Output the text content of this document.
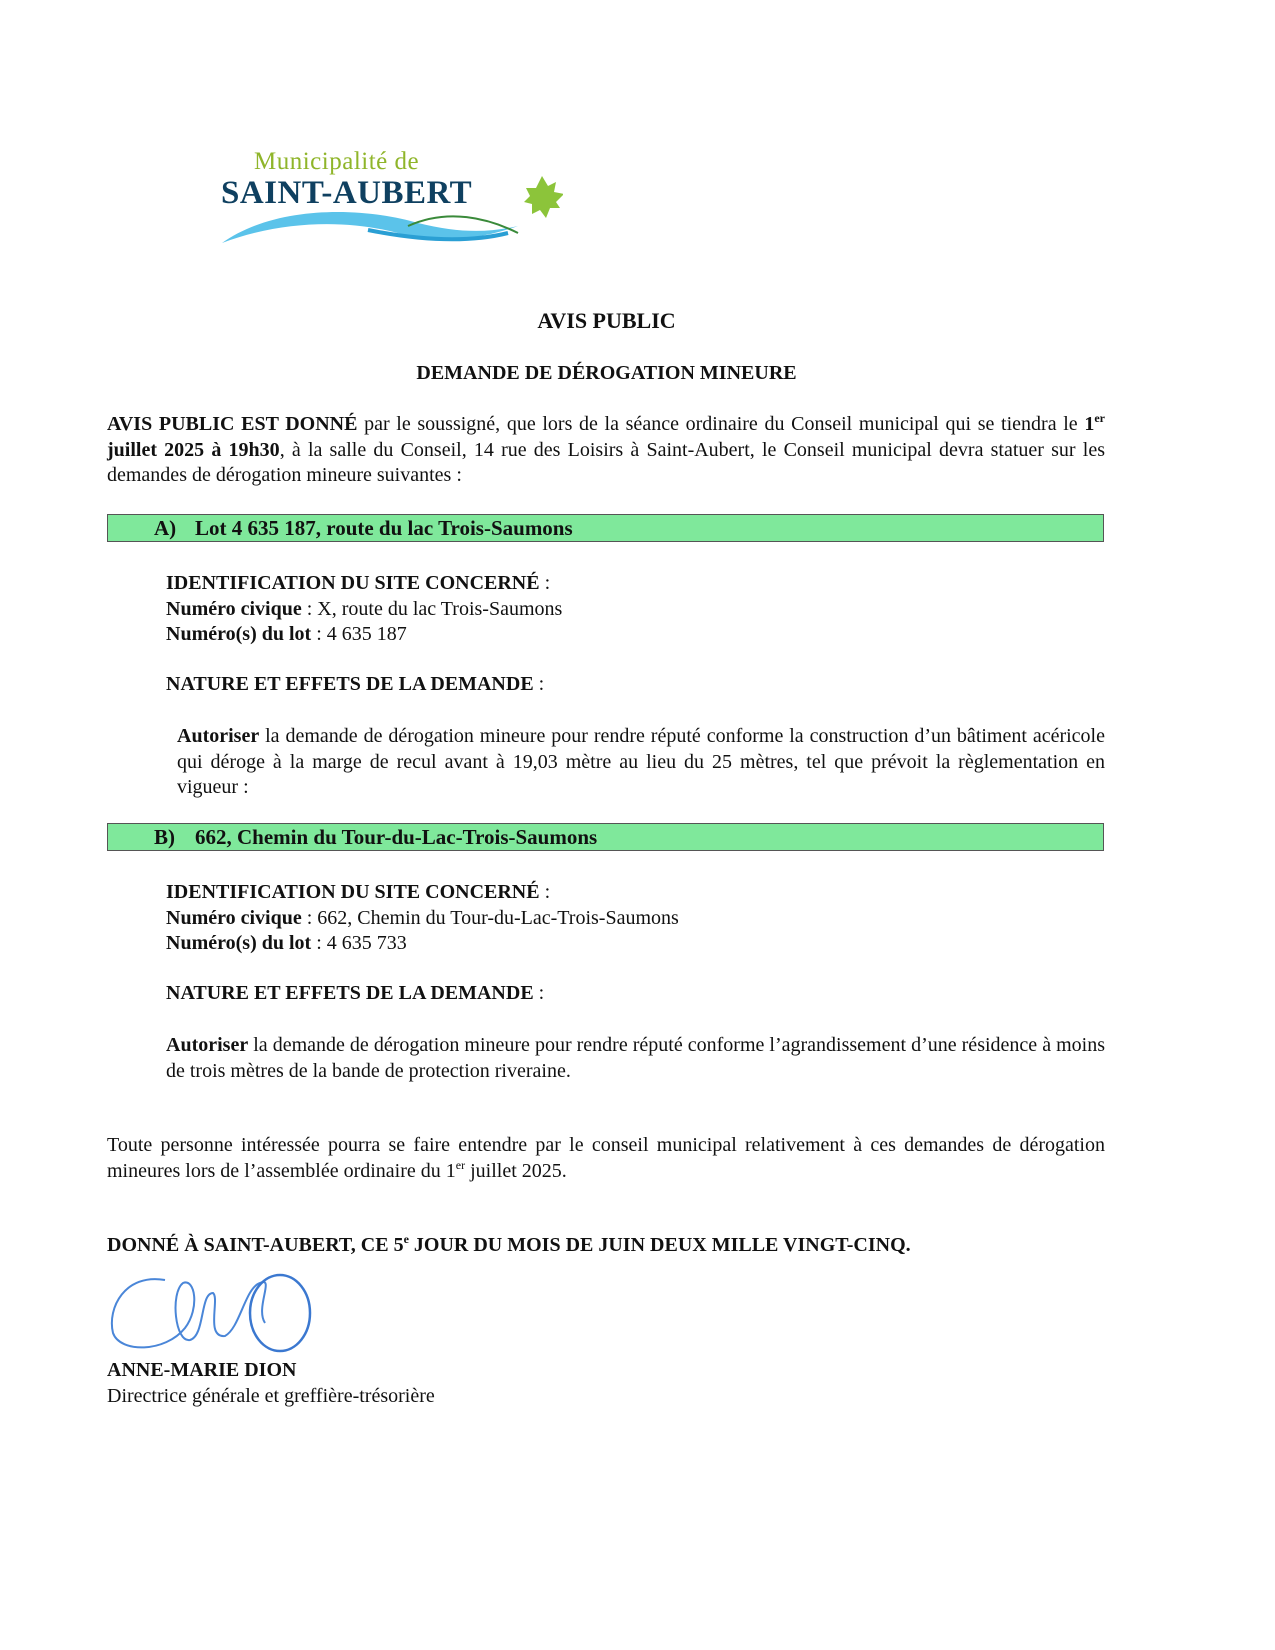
Municipalité de
SAINT-AUBERT
AVIS PUBLIC
DEMANDE DE DÉROGATION MINEURE
AVIS PUBLIC EST DONNÉ par le soussigné, que lors de la séance ordinaire du Conseil municipal qui se tiendra le 1er juillet 2025 à 19h30, à la salle du Conseil, 14 rue des Loisirs à Saint-Aubert, le Conseil municipal devra statuer sur les demandes de dérogation mineure suivantes :
A) Lot 4 635 187, route du lac Trois-Saumons
IDENTIFICATION DU SITE CONCERNÉ :
Numéro civique : X, route du lac Trois-Saumons
Numéro(s) du lot : 4 635 187
NATURE ET EFFETS DE LA DEMANDE :
Autoriser la demande de dérogation mineure pour rendre réputé conforme la construction d’un bâtiment acéricole qui déroge à la marge de recul avant à 19,03 mètre au lieu du 25 mètres, tel que prévoit la règlementation en vigueur :
B) 662, Chemin du Tour-du-Lac-Trois-Saumons
IDENTIFICATION DU SITE CONCERNÉ :
Numéro civique : 662, Chemin du Tour-du-Lac-Trois-Saumons
Numéro(s) du lot : 4 635 733
NATURE ET EFFETS DE LA DEMANDE :
Autoriser la demande de dérogation mineure pour rendre réputé conforme l’agrandissement d’une résidence à moins de trois mètres de la bande de protection riveraine.
Toute personne intéressée pourra se faire entendre par le conseil municipal relativement à ces demandes de dérogation mineures lors de l’assemblée ordinaire du 1er juillet 2025.
DONNÉ À SAINT-AUBERT, CE 5e JOUR DU MOIS DE JUIN DEUX MILLE VINGT-CINQ.
ANNE-MARIE DION
Directrice générale et greffière-trésorière
